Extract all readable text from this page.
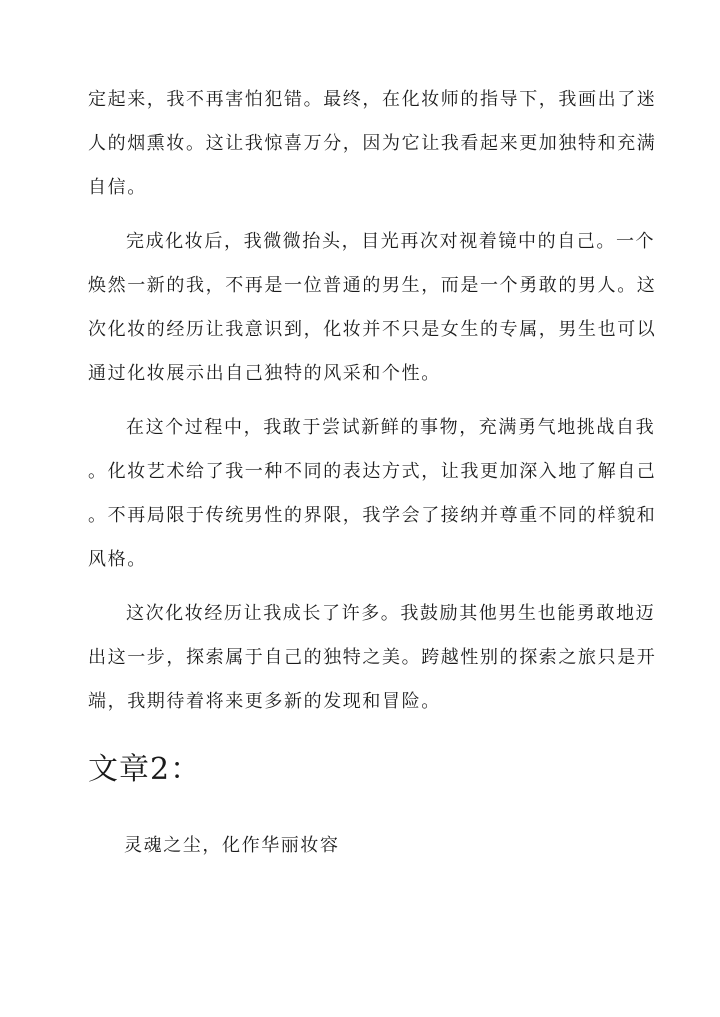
定起来，我不再害怕犯错。最终，在化妆师的指导下，我画出了迷
人的烟熏妆。这让我惊喜万分，因为它让我看起来更加独特和充满
自信。

完成化妆后，我微微抬头，目光再次对视着镜中的自己。一个
焕然一新的我，不再是一位普通的男生，而是一个勇敢的男人。这
次化妆的经历让我意识到，化妆并不只是女生的专属，男生也可以
通过化妆展示出自己独特的风采和个性。

在这个过程中，我敢于尝试新鲜的事物，充满勇气地挑战自我
。化妆艺术给了我一种不同的表达方式，让我更加深入地了解自己
。不再局限于传统男性的界限，我学会了接纳并尊重不同的样貌和
风格。

这次化妆经历让我成长了许多。我鼓励其他男生也能勇敢地迈
出这一步，探索属于自己的独特之美。跨越性别的探索之旅只是开
端，我期待着将来更多新的发现和冒险。

文章2：

灵魂之尘，化作华丽妆容
